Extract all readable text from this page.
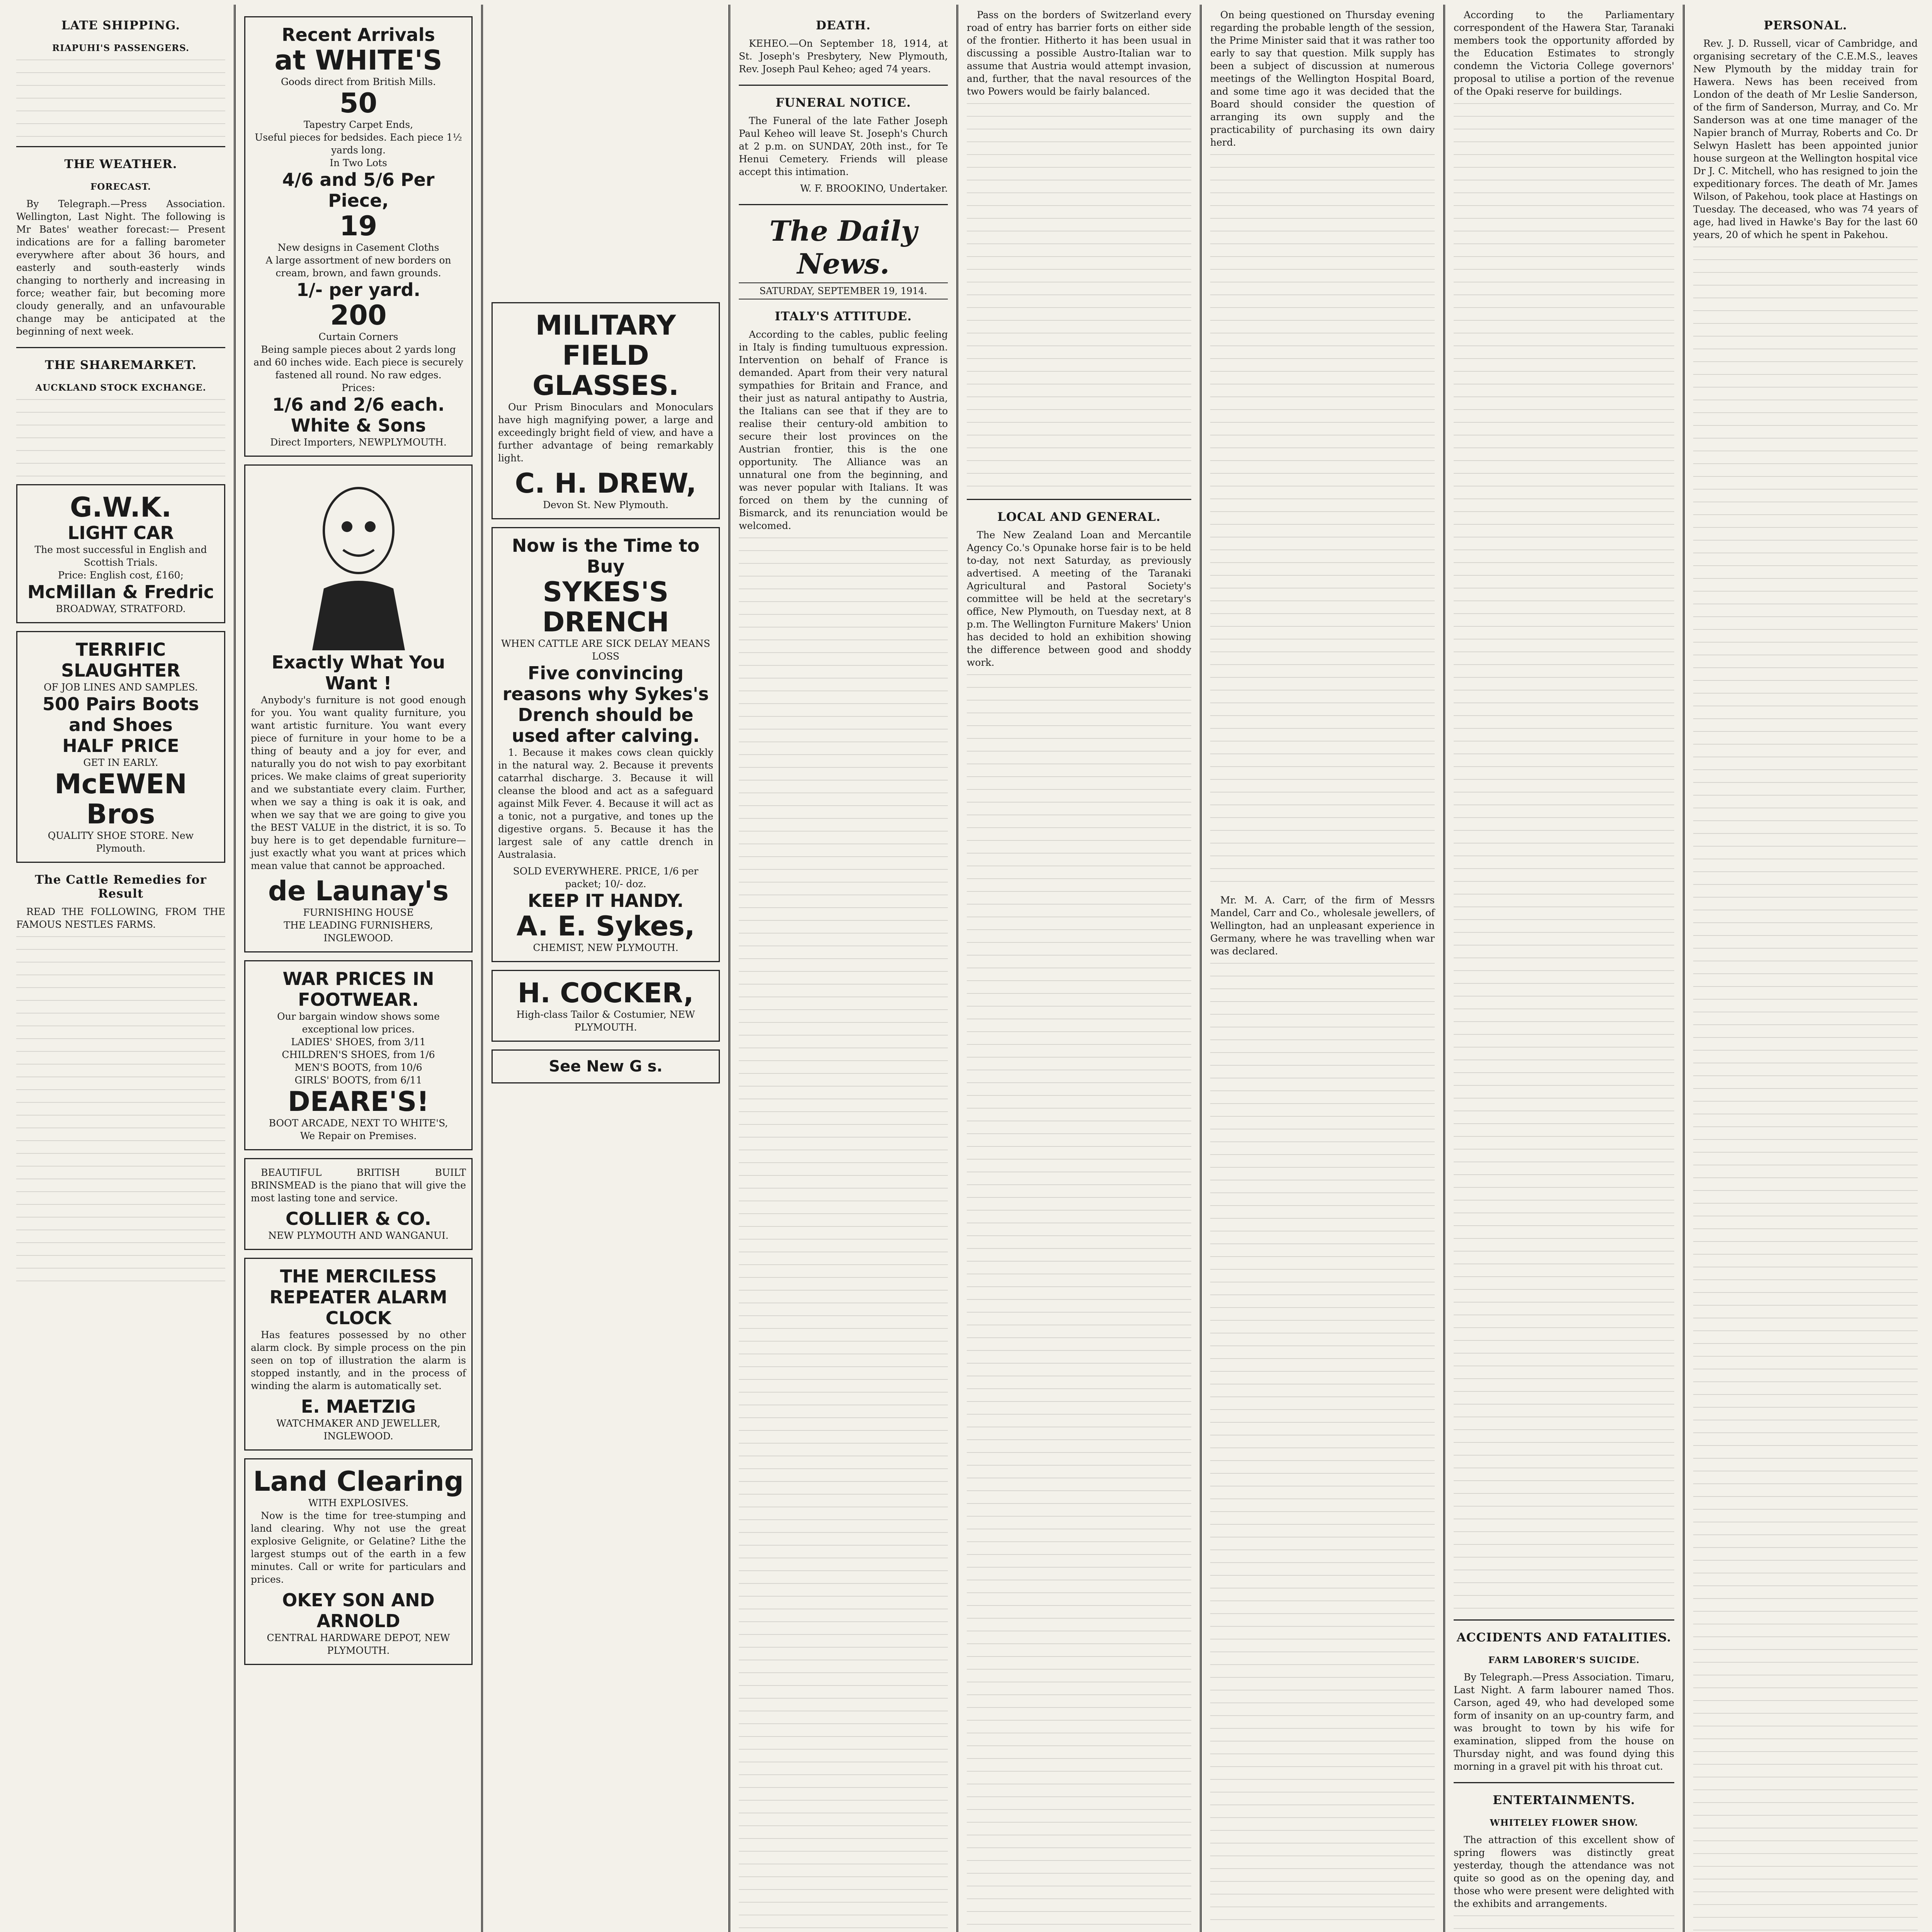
LATE SHIPPING.
RIAPUHI'S PASSENGERS.
THE WEATHER.
FORECAST.

By Telegraph.—Press Association. Wellington, Last Night. The following is Mr Bates' weather forecast:— Present indications are for a falling barometer everywhere after about 36 hours, and easterly and south-easterly winds changing to northerly and increasing in force; weather fair, but becoming more cloudy generally, and an unfavourable change may be anticipated at the beginning of next week.

THE SHAREMARKET.
AUCKLAND STOCK EXCHANGE.
G.W.K.
LIGHT CAR
The most successful in English and Scottish Trials.
Price: English cost, £160;
McMillan & Fredric
BROADWAY, STRATFORD.
TERRIFIC
SLAUGHTER
OF JOB LINES AND SAMPLES.
500 Pairs Boots and Shoes
HALF PRICE
GET IN EARLY.
McEWEN Bros
QUALITY SHOE STORE. New Plymouth.
The Cattle Remedies for Result

READ THE FOLLOWING, FROM THE FAMOUS NESTLES FARMS.

Recent Arrivals
at WHITE'S
Goods direct from British Mills.
50
Tapestry Carpet Ends,
Useful pieces for bedsides. Each piece 1½ yards long.
In Two Lots
4/6 and 5/6 Per Piece,
19
New designs in Casement Cloths
A large assortment of new borders on cream, brown, and fawn grounds.
1/- per yard.
200
Curtain Corners
Being sample pieces about 2 yards long and 60 inches wide. Each piece is securely fastened all round. No raw edges.
Prices:
1/6 and 2/6 each.
White & Sons
Direct Importers, NEWPLYMOUTH.
Exactly What You Want !

Anybody's furniture is not good enough for you. You want quality furniture, you want artistic furniture. You want every piece of furniture in your home to be a thing of beauty and a joy for ever, and naturally you do not wish to pay exorbitant prices. We make claims of great superiority and we substantiate every claim. Further, when we say a thing is oak it is oak, and when we say that we are going to give you the BEST VALUE in the district, it is so. To buy here is to get dependable furniture—just exactly what you want at prices which mean value that cannot be approached.

de Launay's
FURNISHING HOUSE
THE LEADING FURNISHERS, INGLEWOOD.
WAR PRICES IN FOOTWEAR.
Our bargain window shows some exceptional low prices.
LADIES' SHOES, from 3/11
CHILDREN'S SHOES, from 1/6
MEN'S BOOTS, from 10/6
GIRLS' BOOTS, from 6/11
DEARE'S!
BOOT ARCADE, NEXT TO WHITE'S,
We Repair on Premises.

BEAUTIFUL BRITISH BUILT BRINSMEAD is the piano that will give the most lasting tone and service.

COLLIER & CO.
NEW PLYMOUTH AND WANGANUI.
THE MERCILESS REPEATER ALARM CLOCK

Has features possessed by no other alarm clock. By simple process on the pin seen on top of illustration the alarm is stopped instantly, and in the process of winding the alarm is automatically set.

E. MAETZIG
WATCHMAKER AND JEWELLER, INGLEWOOD.
Land Clearing
WITH EXPLOSIVES.

Now is the time for tree-stumping and land clearing. Why not use the great explosive Gelignite, or Gelatine? Lithe the largest stumps out of the earth in a few minutes. Call or write for particulars and prices.

OKEY SON AND ARNOLD
CENTRAL HARDWARE DEPOT, NEW PLYMOUTH.
MILITARY FIELD GLASSES.

Our Prism Binoculars and Monoculars have high magnifying power, a large and exceedingly bright field of view, and have a further advantage of being remarkably light.

C. H. DREW,
Devon St. New Plymouth.
Now is the Time to Buy
SYKES'S DRENCH
WHEN CATTLE ARE SICK DELAY MEANS LOSS
Five convincing reasons why Sykes's Drench should be used after calving.

1. Because it makes cows clean quickly in the natural way. 2. Because it prevents catarrhal discharge. 3. Because it will cleanse the blood and act as a safeguard against Milk Fever. 4. Because it will act as a tonic, not a purgative, and tones up the digestive organs. 5. Because it has the largest sale of any cattle drench in Australasia.

SOLD EVERYWHERE. PRICE, 1/6 per packet; 10/- doz.
KEEP IT HANDY.
A. E. Sykes,
CHEMIST, NEW PLYMOUTH.
H. COCKER,
High-class Tailor & Costumier, NEW PLYMOUTH.
See New G s.
DEATH.

KEHEO.—On September 18, 1914, at St. Joseph's Presbytery, New Plymouth, Rev. Joseph Paul Keheo; aged 74 years.

FUNERAL NOTICE.

The Funeral of the late Father Joseph Paul Keheo will leave St. Joseph's Church at 2 p.m. on SUNDAY, 20th inst., for Te Henui Cemetery. Friends will please accept this intimation.

W. F. BROOKINO, Undertaker.

The Daily News.
SATURDAY, SEPTEMBER 19, 1914.
ITALY'S ATTITUDE.

According to the cables, public feeling in Italy is finding tumultuous expression. Intervention on behalf of France is demanded. Apart from their very natural sympathies for Britain and France, and their just as natural antipathy to Austria, the Italians can see that if they are to realise their century-old ambition to secure their lost provinces on the Austrian frontier, this is the one opportunity. The Alliance was an unnatural one from the beginning, and was never popular with Italians. It was forced on them by the cunning of Bismarck, and its renunciation would be welcomed.

Pass on the borders of Switzerland every road of entry has barrier forts on either side of the frontier. Hitherto it has been usual in discussing a possible Austro-Italian war to assume that Austria would attempt invasion, and, further, that the naval resources of the two Powers would be fairly balanced.

LOCAL AND GENERAL.

The New Zealand Loan and Mercantile Agency Co.'s Opunake horse fair is to be held to-day, not next Saturday, as previously advertised. A meeting of the Taranaki Agricultural and Pastoral Society's committee will be held at the secretary's office, New Plymouth, on Tuesday next, at 8 p.m. The Wellington Furniture Makers' Union has decided to hold an exhibition showing the difference between good and shoddy work.

On being questioned on Thursday evening regarding the probable length of the session, the Prime Minister said that it was rather too early to say that question. Milk supply has been a subject of discussion at numerous meetings of the Wellington Hospital Board, and some time ago it was decided that the Board should consider the question of arranging its own supply and the practicability of purchasing its own dairy herd.

Mr. M. A. Carr, of the firm of Messrs Mandel, Carr and Co., wholesale jewellers, of Wellington, had an unpleasant experience in Germany, where he was travelling when war was declared.

According to the Parliamentary correspondent of the Hawera Star, Taranaki members took the opportunity afforded by the Education Estimates to strongly condemn the Victoria College governors' proposal to utilise a portion of the revenue of the Opaki reserve for buildings.

ACCIDENTS AND FATALITIES.
FARM LABORER'S SUICIDE.

By Telegraph.—Press Association. Timaru, Last Night. A farm labourer named Thos. Carson, aged 49, who had developed some form of insanity on an up-country farm, and was brought to town by his wife for examination, slipped from the house on Thursday night, and was found dying this morning in a gravel pit with his throat cut.

ENTERTAINMENTS.
WHITELEY FLOWER SHOW.

The attraction of this excellent show of spring flowers was distinctly great yesterday, though the attendance was not quite so good as on the opening day, and those who were present were delighted with the exhibits and arrangements.

PERSONAL.

Rev. J. D. Russell, vicar of Cambridge, and organising secretary of the C.E.M.S., leaves New Plymouth by the midday train for Hawera. News has been received from London of the death of Mr Leslie Sanderson, of the firm of Sanderson, Murray, and Co. Mr Sanderson was at one time manager of the Napier branch of Murray, Roberts and Co. Dr Selwyn Haslett has been appointed junior house surgeon at the Wellington hospital vice Dr J. C. Mitchell, who has resigned to join the expeditionary forces. The death of Mr. James Wilson, of Pakehou, took place at Hastings on Tuesday. The deceased, who was 74 years of age, had lived in Hawke's Bay for the last 60 years, 20 of which he spent in Pakehou.
